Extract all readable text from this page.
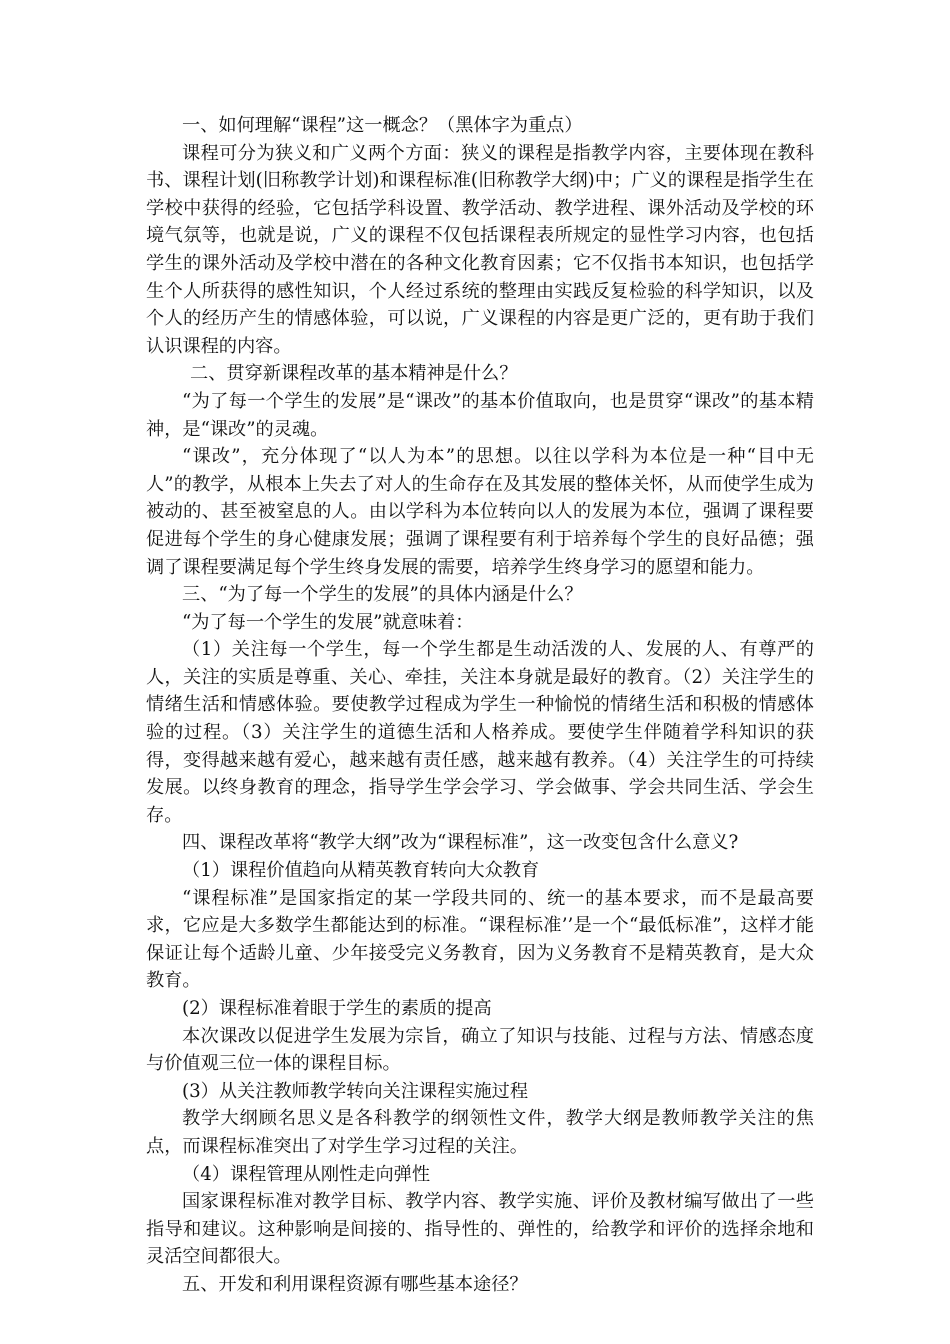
一、如何理解“课程”这一概念？（黑体字为重点）

课程可分为狭义和广义两个方面：狭义的课程是指教学内容，主要体现在教科书、课程计划(旧称教学计划)和课程标准(旧称教学大纲)中；广义的课程是指学生在学校中获得的经验，它包括学科设置、教学活动、教学进程、课外活动及学校的环境气氛等，也就是说，广义的课程不仅包括课程表所规定的显性学习内容，也包括学生的课外活动及学校中潜在的各种文化教育因素；它不仅指书本知识，也包括学生个人所获得的感性知识，个人经过系统的整理由实践反复检验的科学知识，以及个人的经历产生的情感体验，可以说，广义课程的内容是更广泛的，更有助于我们认识课程的内容。

二、贯穿新课程改革的基本精神是什么？

“为了每一个学生的发展”是“课改”的基本价值取向，也是贯穿“课改”的基本精神，是“课改”的灵魂。

“课改”，充分体现了“以人为本”的思想。以往以学科为本位是一种“目中无人”的教学，从根本上失去了对人的生命存在及其发展的整体关怀，从而使学生成为被动的、甚至被窒息的人。由以学科为本位转向以人的发展为本位，强调了课程要促进每个学生的身心健康发展；强调了课程要有利于培养每个学生的良好品德；强调了课程要满足每个学生终身发展的需要，培养学生终身学习的愿望和能力。

三、“为了每一个学生的发展”的具体内涵是什么？

“为了每一个学生的发展”就意味着：

（1）关注每一个学生，每一个学生都是生动活泼的人、发展的人、有尊严的人，关注的实质是尊重、关心、牵挂，关注本身就是最好的教育。（2）关注学生的情绪生活和情感体验。要使教学过程成为学生一种愉悦的情绪生活和积极的情感体验的过程。（3）关注学生的道德生活和人格养成。要使学生伴随着学科知识的获得，变得越来越有爱心，越来越有责任感，越来越有教养。（4）关注学生的可持续发展。以终身教育的理念，指导学生学会学习、学会做事、学会共同生活、学会生存。

四、课程改革将“教学大纲”改为“课程标准”，这一改变包含什么意义?

（1）课程价值趋向从精英教育转向大众教育

“课程标准”是国家指定的某一学段共同的、统一的基本要求，而不是最高要求，它应是大多数学生都能达到的标准。“课程标准’’是一个“最低标准”，这样才能保证让每个适龄儿童、少年接受完义务教育，因为义务教育不是精英教育，是大众教育。

(2）课程标准着眼于学生的素质的提高

本次课改以促进学生发展为宗旨，确立了知识与技能、过程与方法、情感态度与价值观三位一体的课程目标。

(3）从关注教师教学转向关注课程实施过程

教学大纲顾名思义是各科教学的纲领性文件，教学大纲是教师教学关注的焦点，而课程标准突出了对学生学习过程的关注。

（4）课程管理从刚性走向弹性

国家课程标准对教学目标、教学内容、教学实施、评价及教材编写做出了一些指导和建议。这种影响是间接的、指导性的、弹性的，给教学和评价的选择余地和灵活空间都很大。

五、开发和利用课程资源有哪些基本途径？
